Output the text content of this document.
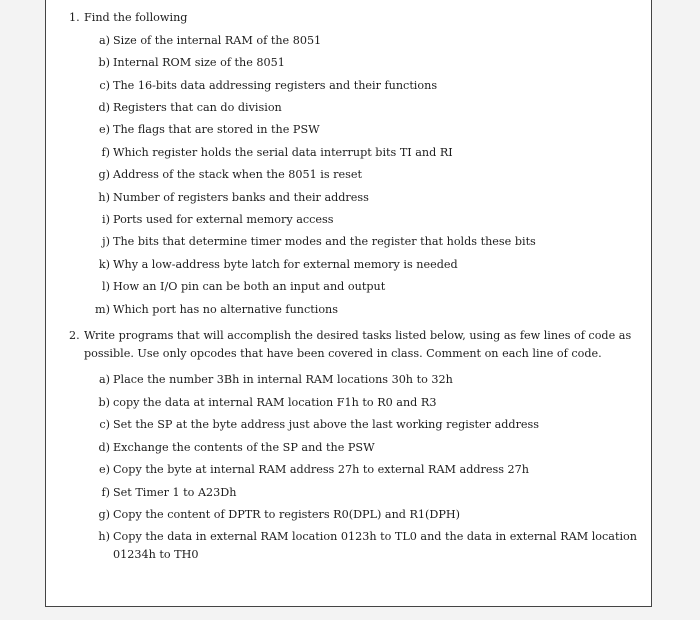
1. Find the following
a) Size of the internal RAM of the 8051
b) Internal ROM size of the 8051
c) The 16-bits data addressing registers and their functions
d) Registers that can do division
e) The flags that are stored in the PSW
f) Which register holds the serial data interrupt bits TI and RI
g) Address of the stack when the 8051 is reset
h) Number of registers banks and their address
i) Ports used for external memory access
j) The bits that determine timer modes and the register that holds these bits
k) Why a low-address byte latch for external memory is needed
l) How an I/O pin can be both an input and output
m) Which port has no alternative functions
2. Write programs that will accomplish the desired tasks listed below, using as few lines of code as possible. Use only opcodes that have been covered in class. Comment on each line of code.
a) Place the number 3Bh in internal RAM locations 30h to 32h
b) copy the data at internal RAM location F1h to R0 and R3
c) Set the SP at the byte address just above the last working register address
d) Exchange the contents of the SP and the PSW
e) Copy the byte at internal RAM address 27h to external RAM address 27h
f) Set Timer 1 to A23Dh
g) Copy the content of DPTR to registers R0(DPL) and R1(DPH)
h) Copy the data in external RAM location 0123h to TL0 and the data in external RAM location 01234h to TH0
